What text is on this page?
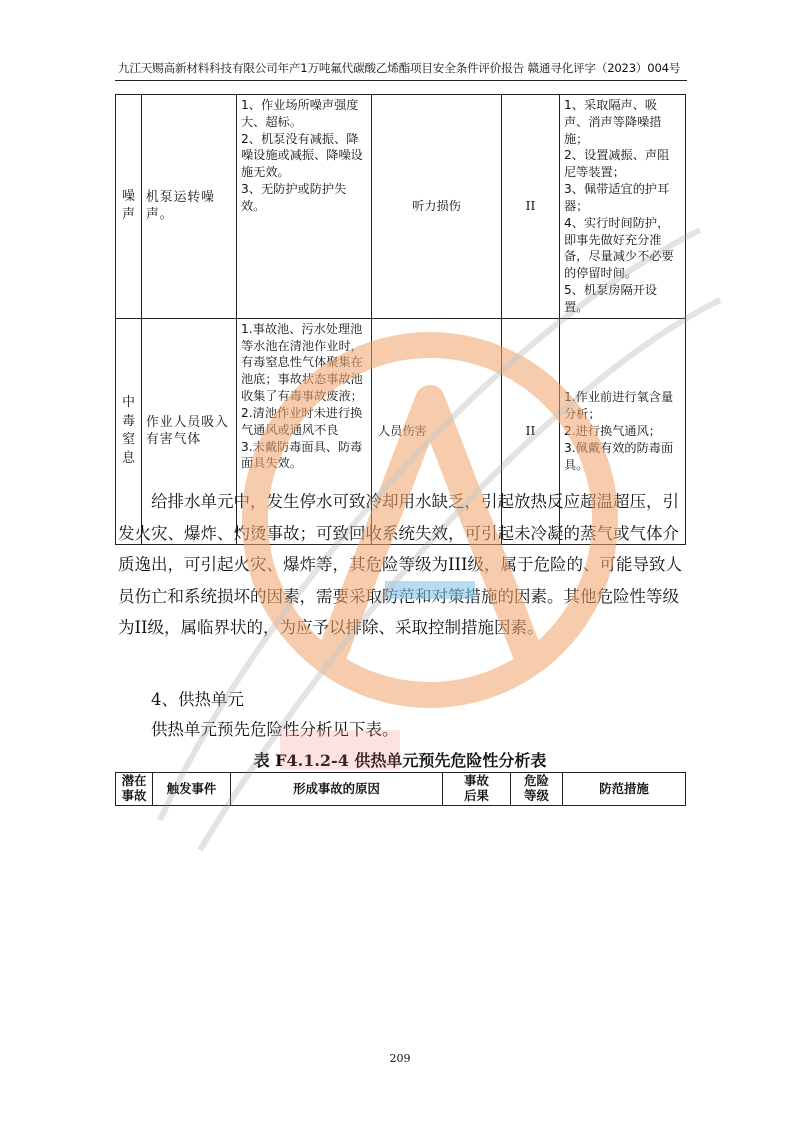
九江天赐高新材料科技有限公司年产1万吨氟代碳酸乙烯酯项目安全条件评价报告 赣通寻化评字（2023）004号
噪声	机泵运转噪声。	1、作业场所噪声强度大、超标。
2、机泵没有减振、降噪设施或减振、降噪设施无效。
3、无防护或防护失效。	听力损伤	II	1、采取隔声、吸声、消声等降噪措施；
2、设置减振、声阻尼等装置；
3、佩带适宜的护耳器；
4、实行时间防护，即事先做好充分准备，尽量减少不必要的停留时间。
5、机泵房隔开设置。

中毒窒息	作业人员吸入有害气体	1.事故池、污水处理池等水池在清池作业时，有毒窒息性气体聚集在池底；事故状态事故池收集了有毒事故废液；
2.清池作业时未进行换气通风或通风不良
3.未戴防毒面具、防毒面具失效。	人员伤害	II	1.作业前进行氧含量分析；
2.进行换气通风；
3.佩戴有效的防毒面具。
给排水单元中，发生停水可致冷却用水缺乏，引起放热反应超温超压，引发火灾、爆炸、灼烫事故；可致回收系统失效，可引起未冷凝的蒸气或气体介质逸出，可引起火灾、爆炸等，其危险等级为III级，属于危险的、可能导致人员伤亡和系统损坏的因素，需要采取防范和对策措施的因素。其他危险性等级为II级，属临界状的，为应予以排除、采取控制措施因素。
4、供热单元
供热单元预先危险性分析见下表。
表 F4.1.2-4 供热单元预先危险性分析表
潜在事故	触发事件	形成事故的原因	事故后果	危险等级	防范措施
209
